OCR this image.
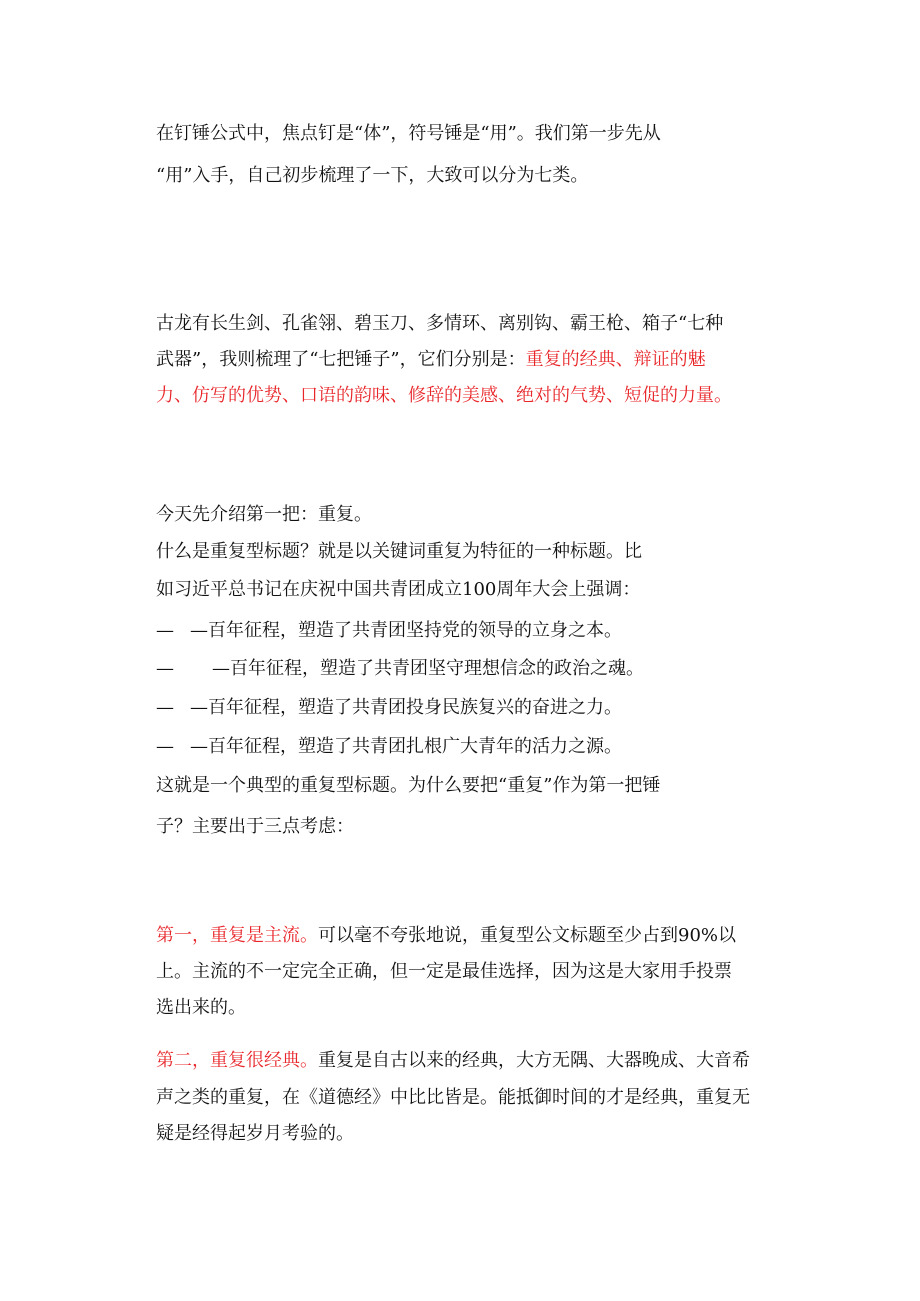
在钉锤公式中，焦点钉是“体”，符号锤是“用”。我们第一步先从
“用”入手，自己初步梳理了一下，大致可以分为七类。
古龙有长生剑、孔雀翎、碧玉刀、多情环、离别钩、霸王枪、箱子“七种
武器”，我则梳理了“七把锤子”，它们分别是：重复的经典、辩证的魅
力、仿写的优势、口语的韵味、修辞的美感、绝对的气势、短促的力量。
今天先介绍第一把：重复。
什么是重复型标题？就是以关键词重复为特征的一种标题。比
如习近平总书记在庆祝中国共青团成立100周年大会上强调：
— —百年征程，塑造了共青团坚持党的领导的立身之本。
— —百年征程，塑造了共青团坚守理想信念的政治之魂。
— —百年征程，塑造了共青团投身民族复兴的奋进之力。
— —百年征程，塑造了共青团扎根广大青年的活力之源。
这就是一个典型的重复型标题。为什么要把“重复”作为第一把锤
子？主要出于三点考虑：
第一，重复是主流。可以毫不夸张地说，重复型公文标题至少占到90%以
上。主流的不一定完全正确，但一定是最佳选择，因为这是大家用手投票
选出来的。
第二，重复很经典。重复是自古以来的经典，大方无隅、大器晚成、大音希
声之类的重复，在《道德经》中比比皆是。能抵御时间的才是经典，重复无
疑是经得起岁月考验的。
